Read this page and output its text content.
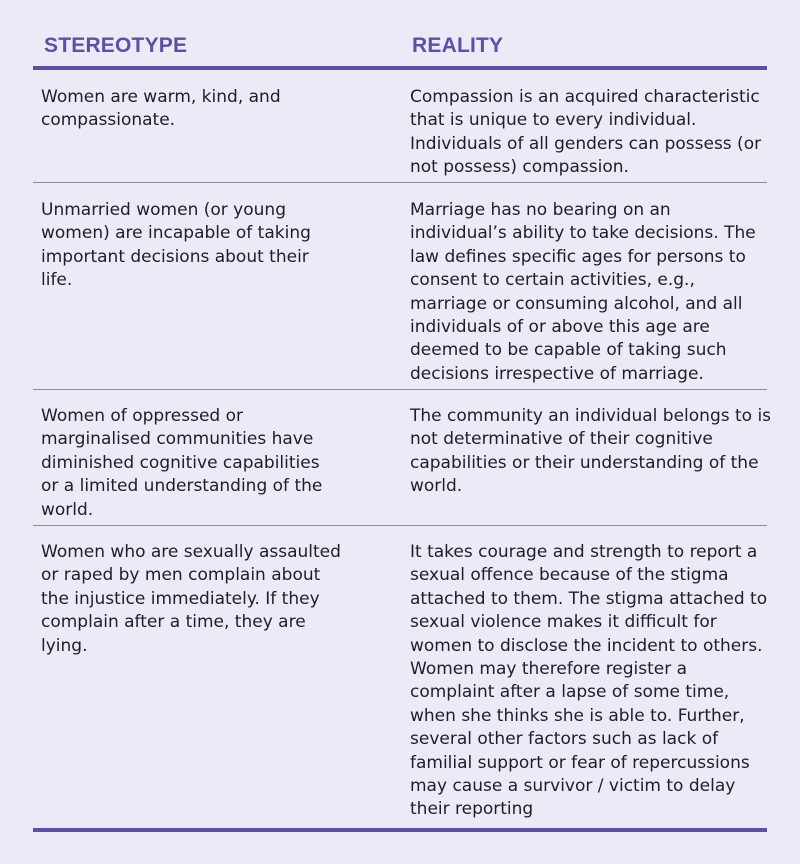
STEREOTYPE	REALITY
Women are warm, kind, and compassionate.
Compassion is an acquired characteristic that is unique to every individual. Individuals of all genders can possess (or not possess) compassion.
Unmarried women (or young women) are incapable of taking important decisions about their life.
Marriage has no bearing on an individual’s ability to take decisions. The law defines specific ages for persons to consent to certain activities, e.g., marriage or consuming alcohol, and all individuals of or above this age are deemed to be capable of taking such decisions irrespective of marriage.
Women of oppressed or marginalised communities have diminished cognitive capabilities or a limited understanding of the world.
The community an individual belongs to is not determinative of their cognitive capabilities or their understanding of the world.
Women who are sexually assaulted or raped by men complain about the injustice immediately. If they complain after a time, they are lying.
It takes courage and strength to report a sexual offence because of the stigma attached to them. The stigma attached to sexual violence makes it difficult for women to disclose the incident to others. Women may therefore register a complaint after a lapse of some time, when she thinks she is able to. Further, several other factors such as lack of familial support or fear of repercussions may cause a survivor / victim to delay their reporting
